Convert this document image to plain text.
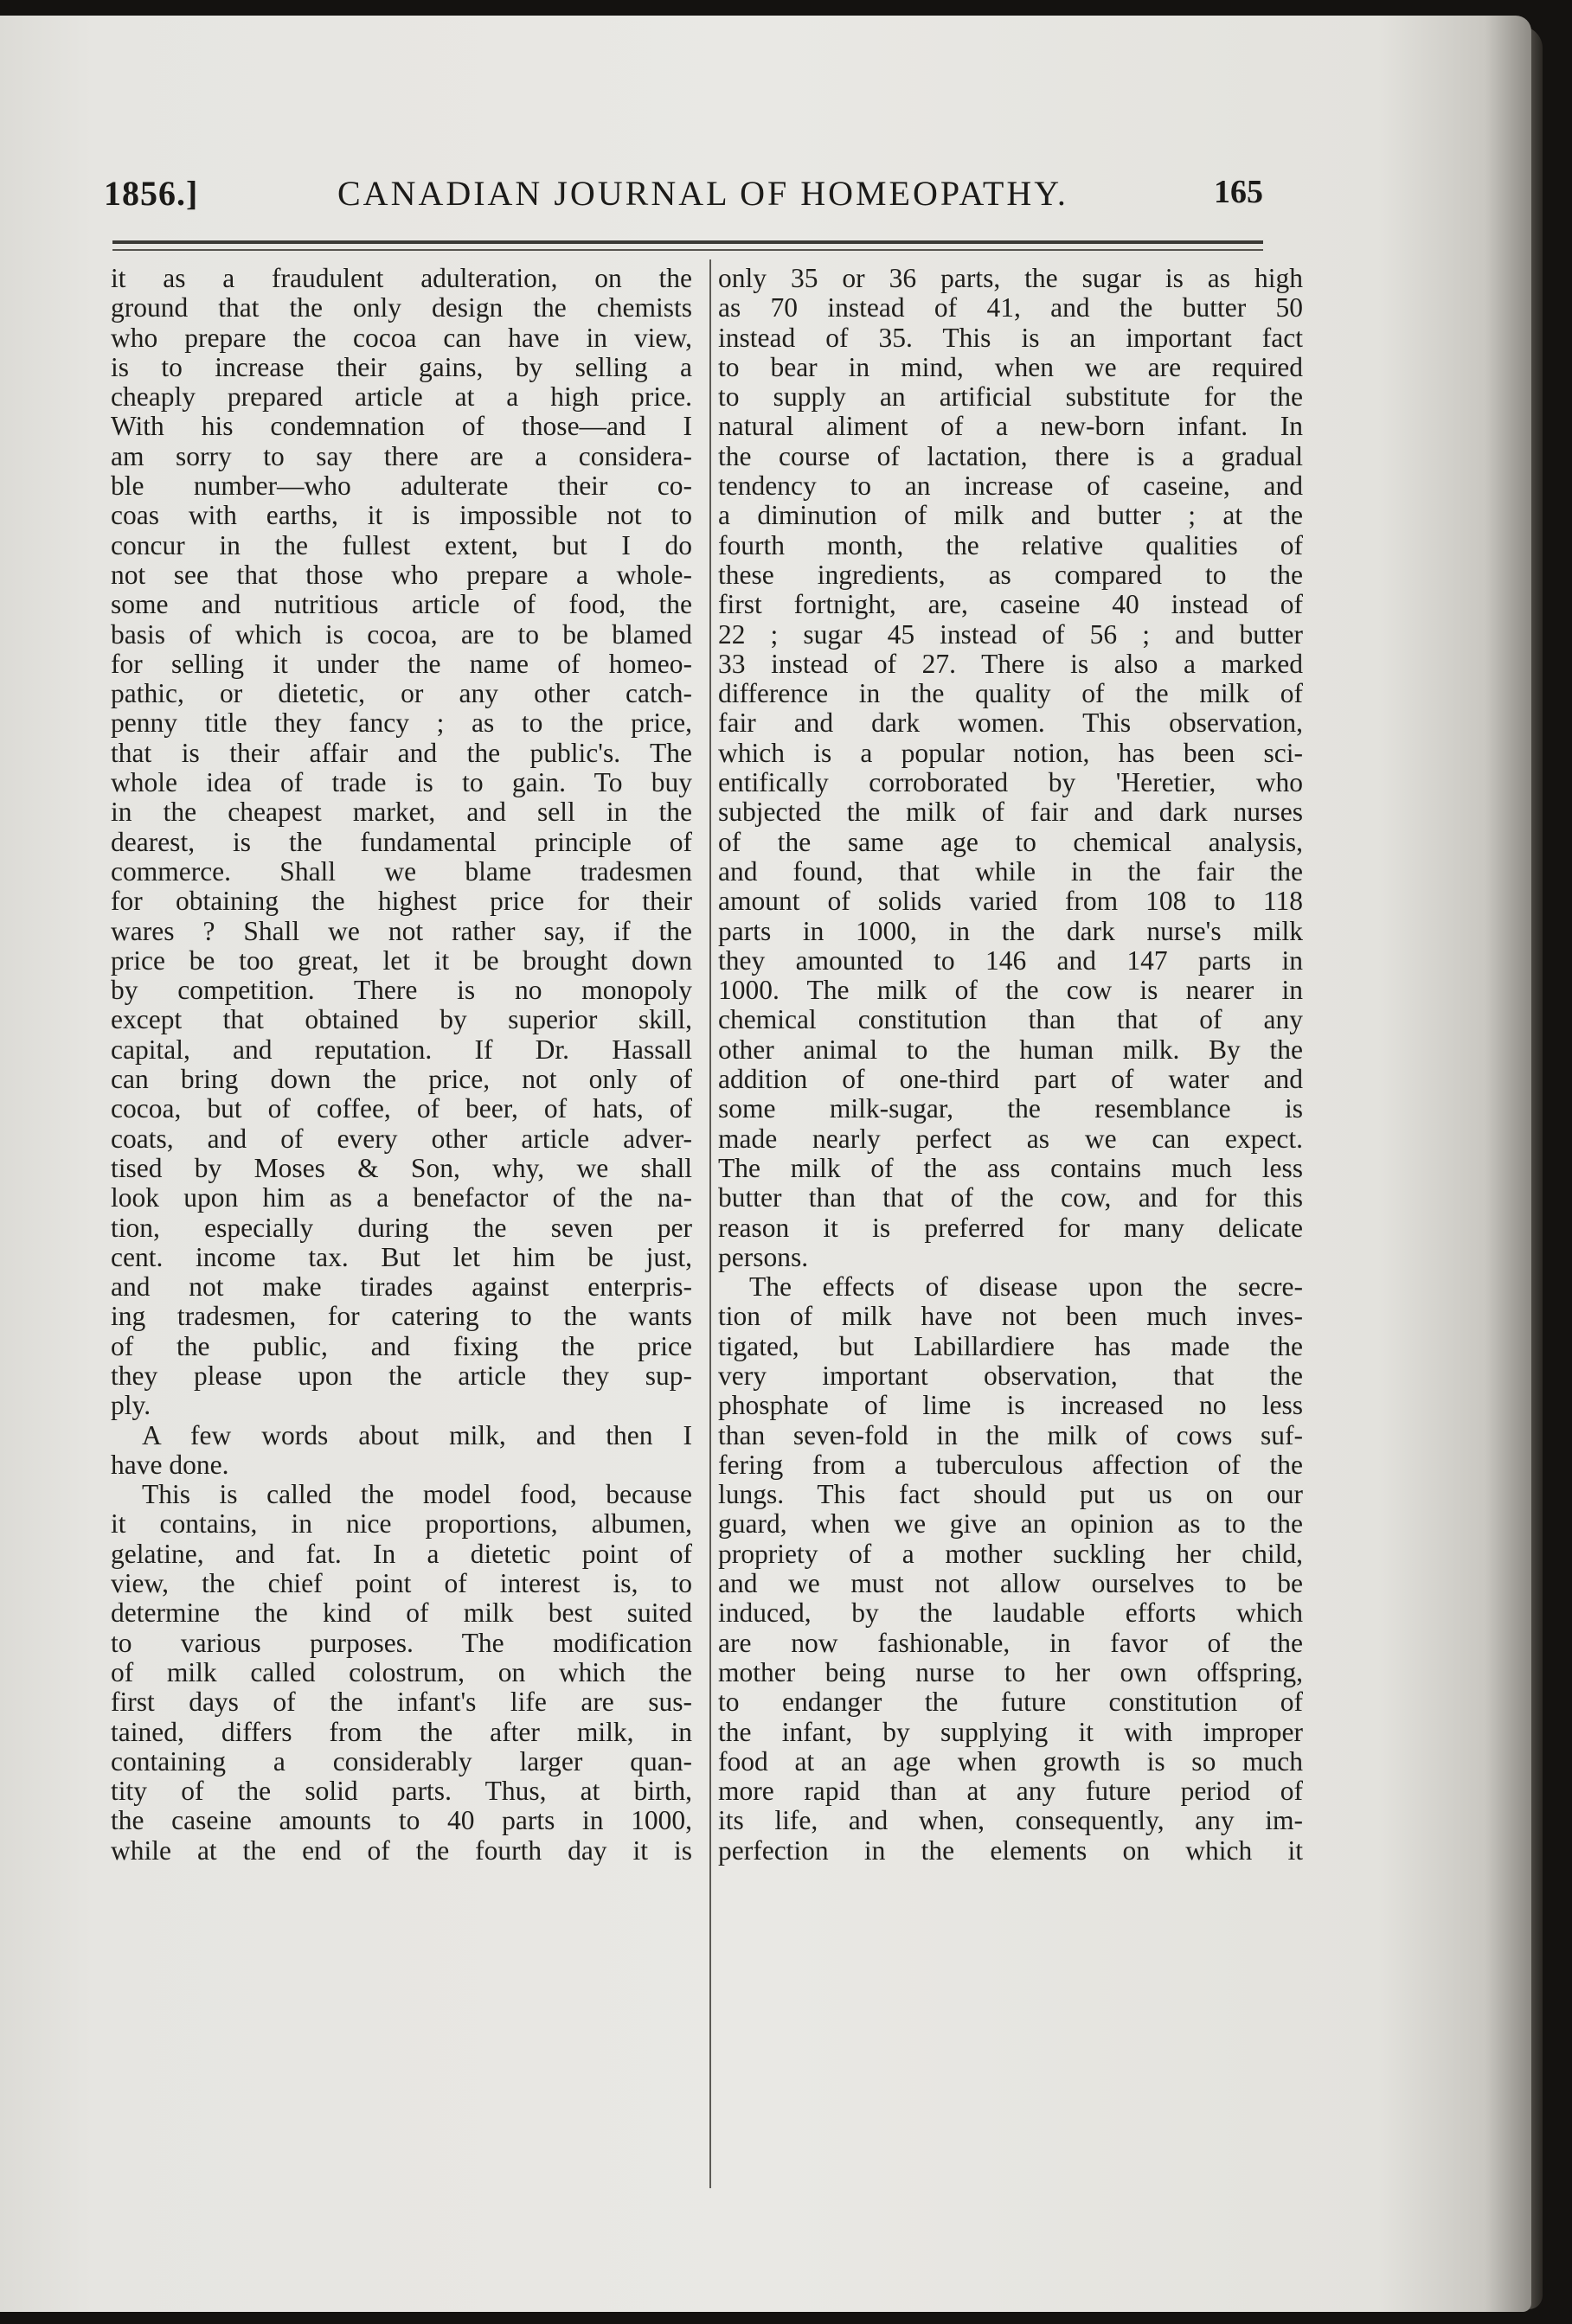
1856.]	CANADIAN JOURNAL OF HOMEOPATHY.	165

it as a fraudulent adulteration, on the

ground that the only design the chemists

who prepare the cocoa can have in view,

is to increase their gains, by selling a

cheaply prepared article at a high price.

With his condemnation of those—and I

am sorry to say there are a considera-

ble number—who adulterate their co-

coas with earths, it is impossible not to

concur in the fullest extent, but I do

not see that those who prepare a whole-

some and nutritious article of food, the

basis of which is cocoa, are to be blamed

for selling it under the name of homeo-

pathic, or dietetic, or any other catch-

penny title they fancy ; as to the price,

that is their affair and the public's. The

whole idea of trade is to gain. To buy

in the cheapest market, and sell in the

dearest, is the fundamental principle of

commerce. Shall we blame tradesmen

for obtaining the highest price for their

wares ? Shall we not rather say, if the

price be too great, let it be brought down

by competition. There is no monopoly

except that obtained by superior skill,

capital, and reputation. If Dr. Hassall

can bring down the price, not only of

cocoa, but of coffee, of beer, of hats, of

coats, and of every other article adver-

tised by Moses & Son, why, we shall

look upon him as a benefactor of the na-

tion, especially during the seven per

cent. income tax. But let him be just,

and not make tirades against enterpris-

ing tradesmen, for catering to the wants

of the public, and fixing the price

they please upon the article they sup-

ply.

A few words about milk, and then I

have done.

This is called the model food, because

it contains, in nice proportions, albumen,

gelatine, and fat. In a dietetic point of

view, the chief point of interest is, to

determine the kind of milk best suited

to various purposes. The modification

of milk called colostrum, on which the

first days of the infant's life are sus-

tained, differs from the after milk, in

containing a considerably larger quan-

tity of the solid parts. Thus, at birth,

the caseine amounts to 40 parts in 1000,

while at the end of the fourth day it is

only 35 or 36 parts, the sugar is as high

as 70 instead of 41, and the butter 50

instead of 35. This is an important fact

to bear in mind, when we are required

to supply an artificial substitute for the

natural aliment of a new-born infant. In

the course of lactation, there is a gradual

tendency to an increase of caseine, and

a diminution of milk and butter ; at the

fourth month, the relative qualities of

these ingredients, as compared to the

first fortnight, are, caseine 40 instead of

22 ; sugar 45 instead of 56 ; and butter

33 instead of 27. There is also a marked

difference in the quality of the milk of

fair and dark women. This observation,

which is a popular notion, has been sci-

entifically corroborated by 'Heretier, who

subjected the milk of fair and dark nurses

of the same age to chemical analysis,

and found, that while in the fair the

amount of solids varied from 108 to 118

parts in 1000, in the dark nurse's milk

they amounted to 146 and 147 parts in

1000. The milk of the cow is nearer in

chemical constitution than that of any

other animal to the human milk. By the

addition of one-third part of water and

some milk-sugar, the resemblance is

made nearly perfect as we can expect.

The milk of the ass contains much less

butter than that of the cow, and for this

reason it is preferred for many delicate

persons.

The effects of disease upon the secre-

tion of milk have not been much inves-

tigated, but Labillardiere has made the

very important observation, that the

phosphate of lime is increased no less

than seven-fold in the milk of cows suf-

fering from a tuberculous affection of the

lungs. This fact should put us on our

guard, when we give an opinion as to the

propriety of a mother suckling her child,

and we must not allow ourselves to be

induced, by the laudable efforts which

are now fashionable, in favor of the

mother being nurse to her own offspring,

to endanger the future constitution of

the infant, by supplying it with improper

food at an age when growth is so much

more rapid than at any future period of

its life, and when, consequently, any im-

perfection in the elements on which it
